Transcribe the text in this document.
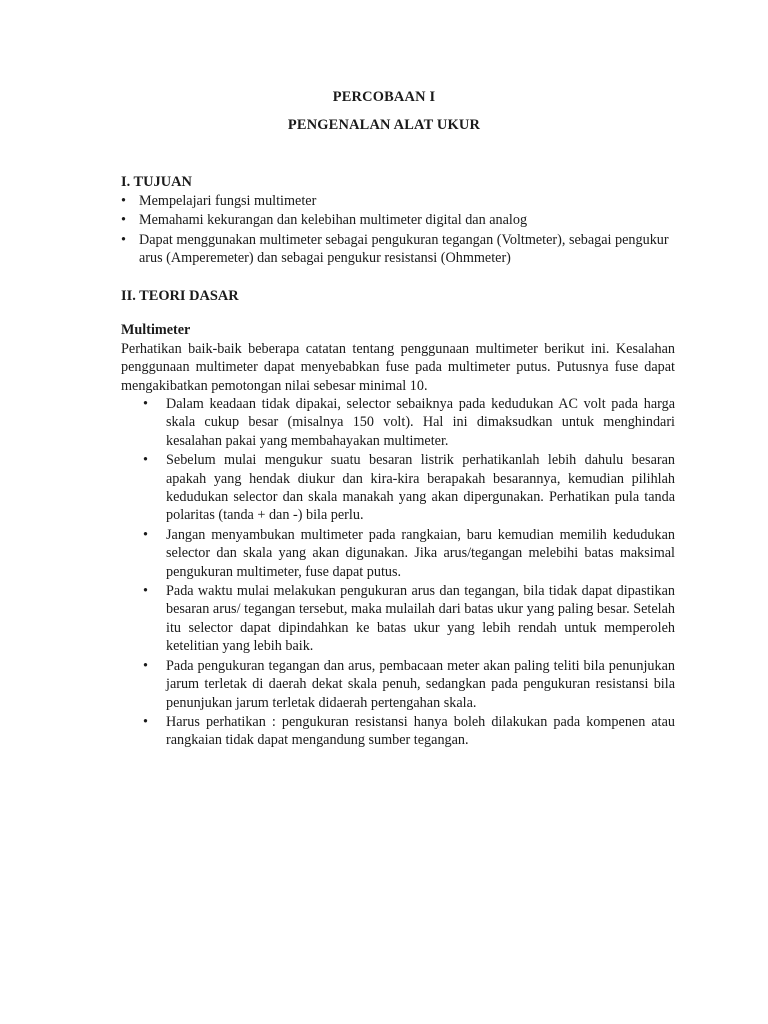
PERCOBAAN I
PENGENALAN ALAT UKUR
I. TUJUAN
• Mempelajari fungsi multimeter
• Memahami kekurangan dan kelebihan multimeter digital dan analog
• Dapat menggunakan multimeter sebagai pengukuran tegangan (Voltmeter), sebagai pengukur arus (Amperemeter) dan sebagai pengukur resistansi (Ohmmeter)
II. TEORI DASAR
Multimeter

Perhatikan baik-baik beberapa catatan tentang penggunaan multimeter berikut ini. Kesalahan penggunaan multimeter dapat menyebabkan fuse pada multimeter putus. Putusnya fuse dapat mengakibatkan pemotongan nilai sebesar minimal 10.

• Dalam keadaan tidak dipakai, selector sebaiknya pada kedudukan AC volt pada harga skala cukup besar (misalnya 150 volt). Hal ini dimaksudkan untuk menghindari kesalahan pakai yang membahayakan multimeter.
• Sebelum mulai mengukur suatu besaran listrik perhatikanlah lebih dahulu besaran apakah yang hendak diukur dan kira-kira berapakah besarannya, kemudian pilihlah kedudukan selector dan skala manakah yang akan dipergunakan. Perhatikan pula tanda polaritas (tanda + dan -) bila perlu.
• Jangan menyambukan multimeter pada rangkaian, baru kemudian memilih kedudukan selector dan skala yang akan digunakan. Jika arus/tegangan melebihi batas maksimal pengukuran multimeter, fuse dapat putus.
• Pada waktu mulai melakukan pengukuran arus dan tegangan, bila tidak dapat dipastikan besaran arus/ tegangan tersebut, maka mulailah dari batas ukur yang paling besar. Setelah itu selector dapat dipindahkan ke batas ukur yang lebih rendah untuk memperoleh ketelitian yang lebih baik.
• Pada pengukuran tegangan dan arus, pembacaan meter akan paling teliti bila penunjukan jarum terletak di daerah dekat skala penuh, sedangkan pada pengukuran resistansi bila penunjukan jarum terletak didaerah pertengahan skala.
• Harus perhatikan : pengukuran resistansi hanya boleh dilakukan pada kompenen atau rangkaian tidak dapat mengandung sumber tegangan.
